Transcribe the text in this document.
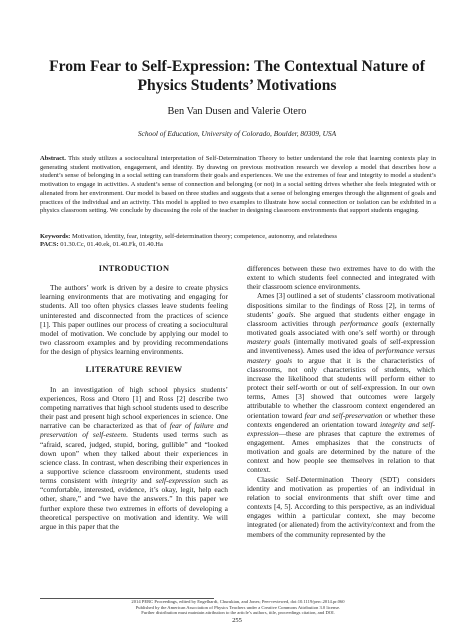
From Fear to Self-Expression: The Contextual Nature of
Physics Students’ Motivations
Ben Van Dusen and Valerie Otero
School of Education, University of Colorado, Boulder, 80309, USA
Abstract. This study utilizes a sociocultural interpretation of Self-Determination Theory to better understand the role that learning contexts play in generating student motivation, engagement, and identity. By drawing on previous motivation research we develop a model that describes how a student’s sense of belonging in a social setting can transform their goals and experiences. We use the extremes of fear and integrity to model a student’s motivation to engage in activities. A student’s sense of connection and belonging (or not) in a social setting drives whether she feels integrated with or alienated from her environment. Our model is based on three studies and suggests that a sense of belonging emerges through the alignment of goals and practices of the individual and an activity. This model is applied to two examples to illustrate how social connection or isolation can be exhibited in a physics classroom setting. We conclude by discussing the role of the teacher in designing classroom environments that support students engaging.
Keywords: Motivation, identity, fear, integrity, self-determination theory; competence, autonomy, and relatedness
PACS: 01.30.Cc, 01.40.ek, 01.40.Fk, 01.40.Ha
INTRODUCTION

The authors’ work is driven by a desire to create physics learning environments that are motivating and engaging for students. All too often physics classes leave students feeling uninterested and disconnected from the practices of science [1]. This paper outlines our process of creating a sociocultural model of motivation. We conclude by applying our model to two classroom examples and by providing recommendations for the design of physics learning environments.

LITERATURE REVIEW

In an investigation of high school physics students’ experiences, Ross and Otero [1] and Ross [2] describe two competing narratives that high school students used to describe their past and present high school experiences in science. One narrative can be characterized as that of fear of failure and preservation of self-esteem. Students used terms such as “afraid, scared, judged, stupid, boring, gullible” and “looked down upon” when they talked about their experiences in science class. In contrast, when describing their experiences in a supportive science classroom environment, students used terms consistent with integrity and self-expression such as “comfortable, interested, evidence, it’s okay, legit, help each other, share,” and “we have the answers.” In this paper we further explore these two extremes in efforts of developing a theoretical perspective on motivation and identity. We will argue in this paper that the

differences between these two extremes have to do with the extent to which students feel connected and integrated with their classroom science environments.

Ames [3] outlined a set of students’ classroom motivational dispositions similar to the findings of Ross [2], in terms of students’ goals. She argued that students either engage in classroom activities through performance goals (externally motivated goals associated with one’s self worth) or through mastery goals (internally motivated goals of self-expression and inventiveness). Ames used the idea of performance versus mastery goals to argue that it is the characteristics of classrooms, not only characteristics of students, which increase the likelihood that students will perform either to protect their self-worth or out of self-expression. In our own terms, Ames [3] showed that outcomes were largely attributable to whether the classroom context engendered an orientation toward fear and self-preservation or whether these contexts engendered an orientation toward integrity and self-expression—these are phrases that capture the extremes of engagement. Ames emphasizes that the constructs of motivation and goals are determined by the nature of the context and how people see themselves in relation to that context.

Classic Self-Determination Theory (SDT) considers identity and motivation as properties of an individual in relation to social environments that shift over time and contexts [4, 5]. According to this perspective, as an individual engages within a particular context, she may become integrated (or alienated) from the activity/context and from the members of the community represented by the

2014 PERC Proceedings, edited by Engelhardt, Churukian, and Jones; Peer-reviewed, doi:10.1119/perc.2014.pr.060
Published by the American Association of Physics Teachers under a Creative Commons Attribution 3.0 license.
Further distribution must maintain attribution to the article’s authors, title, proceedings citation, and DOI.
255
